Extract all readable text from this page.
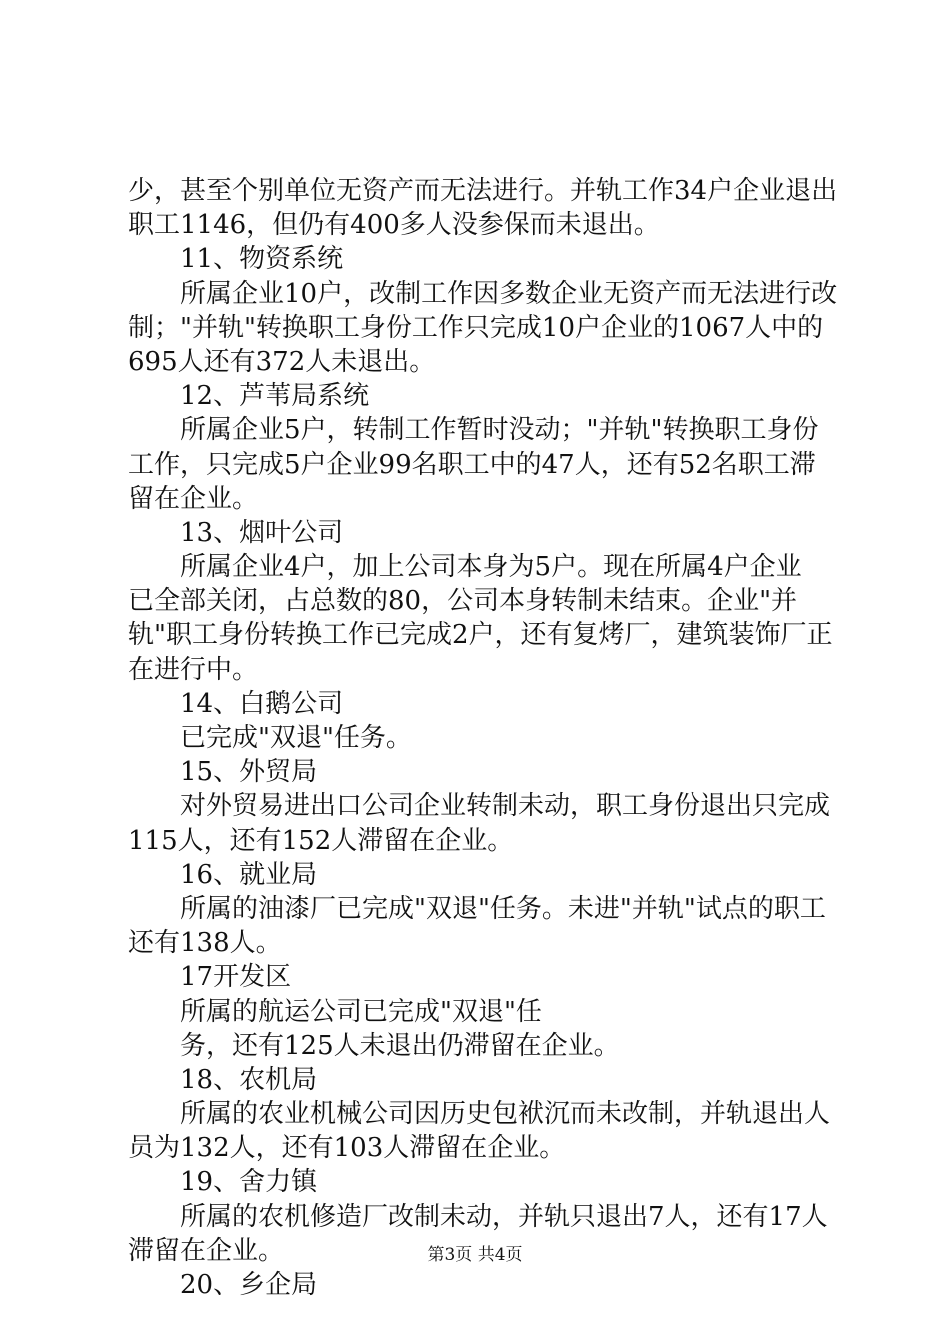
少，甚至个别单位无资产而无法进行。并轨工作34户企业退出
职工1146，但仍有400多人没参保而未退出。
11、物资系统
所属企业10户，改制工作因多数企业无资产而无法进行改
制；"并轨"转换职工身份工作只完成10户企业的1067人中的
695人还有372人未退出。
12、芦苇局系统
所属企业5户，转制工作暂时没动；"并轨"转换职工身份
工作，只完成5户企业99名职工中的47人，还有52名职工滞
留在企业。
13、烟叶公司
所属企业4户，加上公司本身为5户。现在所属4户企业
已全部关闭，占总数的80，公司本身转制未结束。企业"并
轨"职工身份转换工作已完成2户，还有复烤厂，建筑装饰厂正
在进行中。
14、白鹅公司
已完成"双退"任务。
15、外贸局
对外贸易进出口公司企业转制未动，职工身份退出只完成
115人，还有152人滞留在企业。
16、就业局
所属的油漆厂已完成"双退"任务。未进"并轨"试点的职工
还有138人。
17开发区
所属的航运公司已完成"双退"任
务，还有125人未退出仍滞留在企业。
18、农机局
所属的农业机械公司因历史包袱沉而未改制，并轨退出人
员为132人，还有103人滞留在企业。
19、舍力镇
所属的农机修造厂改制未动，并轨只退出7人，还有17人
滞留在企业。
20、乡企局
第3页 共4页
